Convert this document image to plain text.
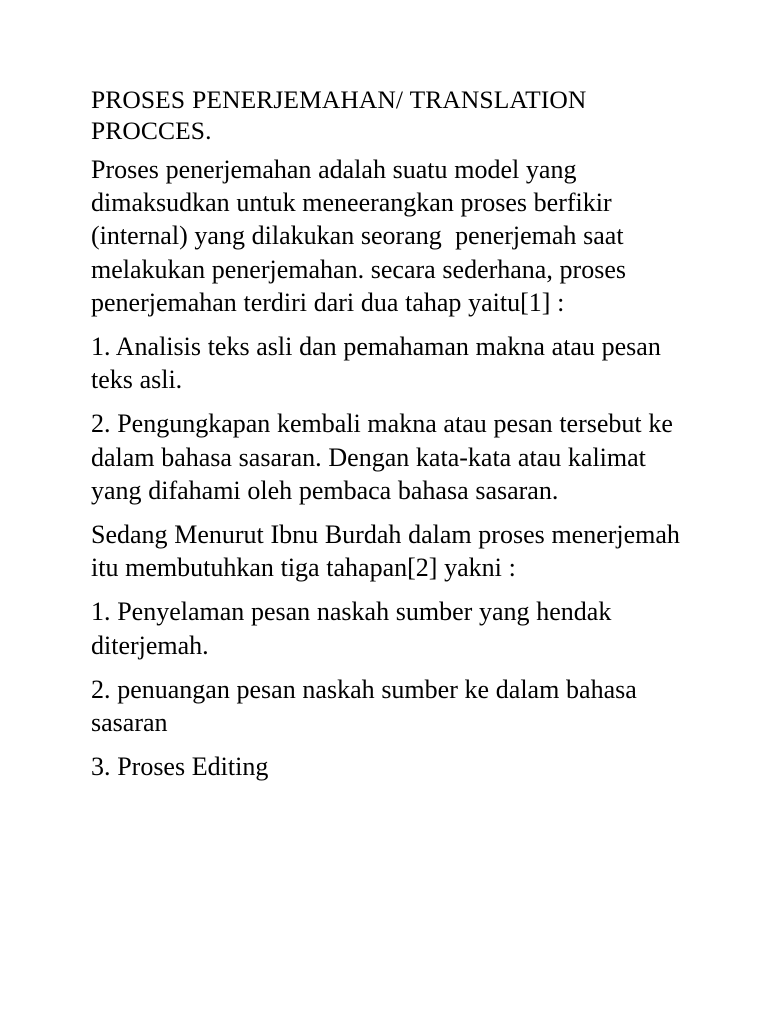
PROSES PENERJEMAHAN/ TRANSLATION PROCCES.

Proses penerjemahan adalah suatu model yang dimaksudkan untuk meneerangkan proses berfikir (internal) yang dilakukan seorang  penerjemah saat melakukan penerjemahan. secara sederhana, proses penerjemahan terdiri dari dua tahap yaitu[1] :

1. Analisis teks asli dan pemahaman makna atau pesan teks asli.

2. Pengungkapan kembali makna atau pesan tersebut ke dalam bahasa sasaran. Dengan kata-kata atau kalimat yang difahami oleh pembaca bahasa sasaran.

Sedang Menurut Ibnu Burdah dalam proses menerjemah itu membutuhkan tiga tahapan[2] yakni :

1. Penyelaman pesan naskah sumber yang hendak diterjemah.

2. penuangan pesan naskah sumber ke dalam bahasa sasaran

3. Proses Editing
